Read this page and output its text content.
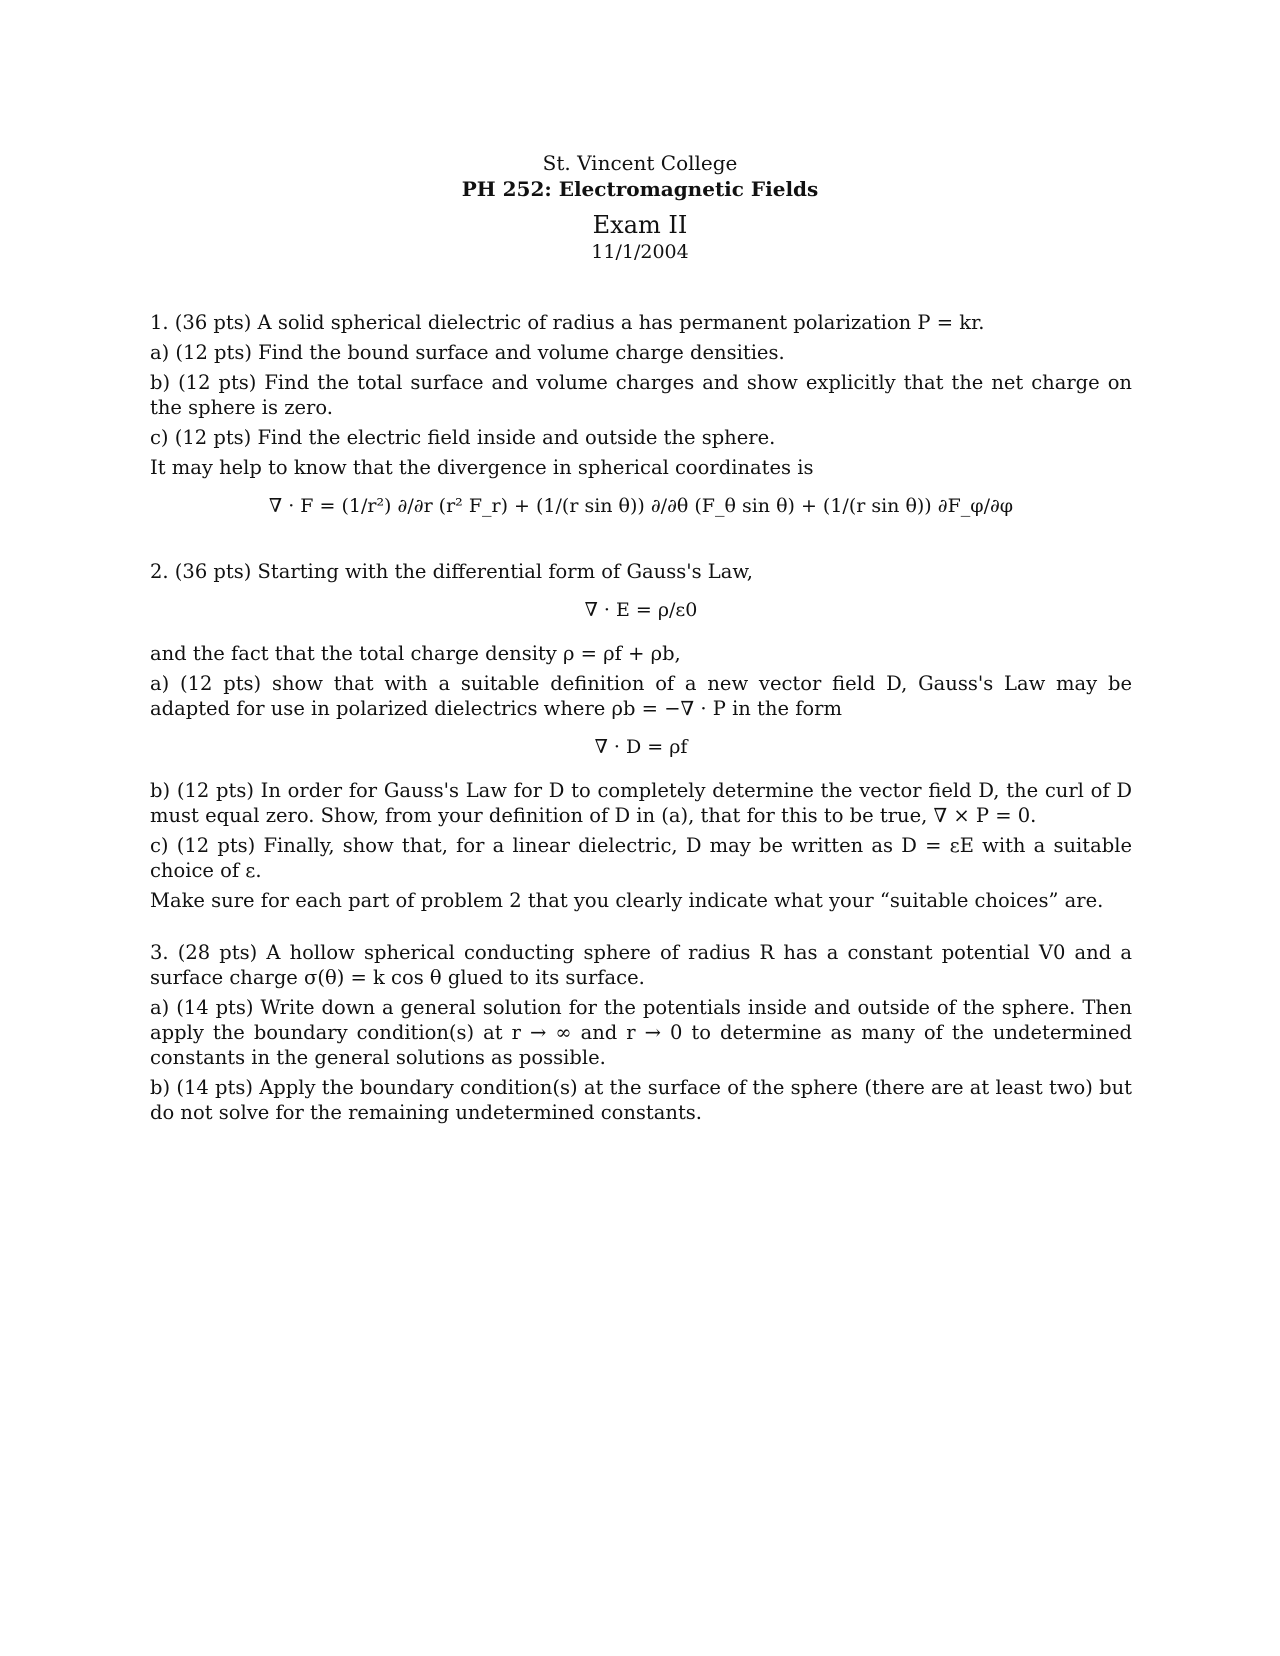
St. Vincent College
PH 252: Electromagnetic Fields
Exam II
11/1/2004

1. (36 pts) A solid spherical dielectric of radius a has permanent polarization P = kr.

a) (12 pts) Find the bound surface and volume charge densities.

b) (12 pts) Find the total surface and volume charges and show explicitly that the net charge on the sphere is zero.

c) (12 pts) Find the electric field inside and outside the sphere.

It may help to know that the divergence in spherical coordinates is

∇ · F = (1/r²) ∂/∂r (r² F_r) + (1/(r sin θ)) ∂/∂θ (F_θ sin θ) + (1/(r sin θ)) ∂F_φ/∂φ

2. (36 pts) Starting with the differential form of Gauss's Law,

∇ · E = ρ/ε0

and the fact that the total charge density ρ = ρf + ρb,

a) (12 pts) show that with a suitable definition of a new vector field D, Gauss's Law may be adapted for use in polarized dielectrics where ρb = −∇ · P in the form

∇ · D = ρf

b) (12 pts) In order for Gauss's Law for D to completely determine the vector field D, the curl of D must equal zero. Show, from your definition of D in (a), that for this to be true, ∇ × P = 0.

c) (12 pts) Finally, show that, for a linear dielectric, D may be written as D = εE with a suitable choice of ε.

Make sure for each part of problem 2 that you clearly indicate what your “suitable choices” are.

3. (28 pts) A hollow spherical conducting sphere of radius R has a constant potential V0 and a surface charge σ(θ) = k cos θ glued to its surface.

a) (14 pts) Write down a general solution for the potentials inside and outside of the sphere. Then apply the boundary condition(s) at r → ∞ and r → 0 to determine as many of the undetermined constants in the general solutions as possible.

b) (14 pts) Apply the boundary condition(s) at the surface of the sphere (there are at least two) but do not solve for the remaining undetermined constants.
